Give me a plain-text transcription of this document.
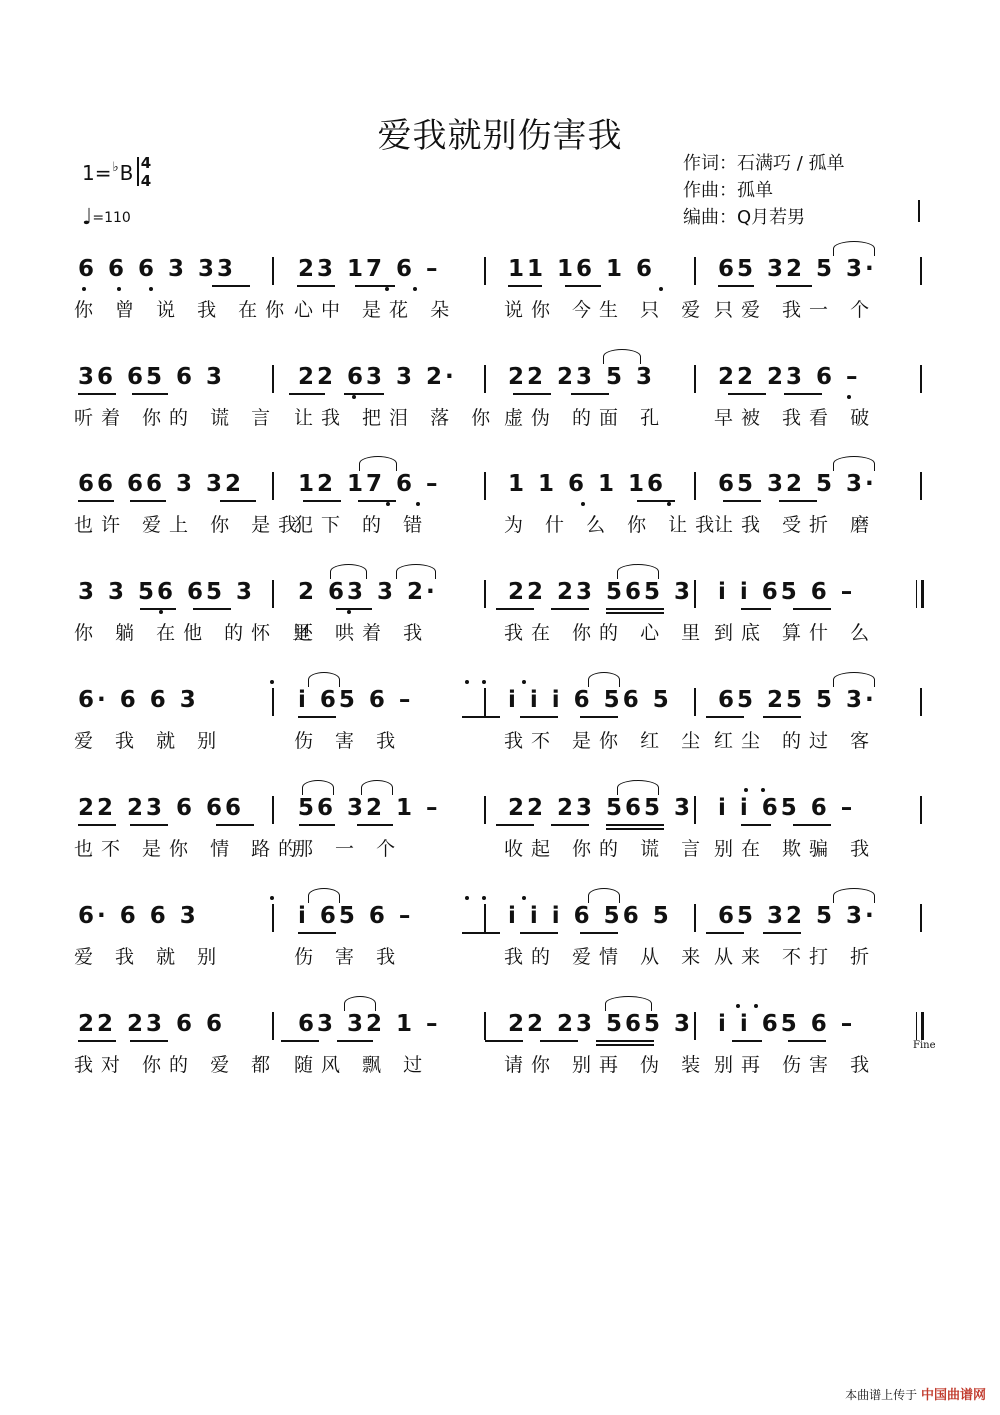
爱我就别伤害我
1=♭B 4
4
♩=110
作词：石满巧 / 孤单
作曲：孤单
编曲：Q月若男
6 6 6 3 33
你 曾 说 我 在你
23 17 6 –
心中 是花 朵
11 16 1 6
说你 今生 只 爱
65 32 5 3·
只爱 我一 个
36 65 6 3
听着 你的 谎 言
22 63 3 2·
让我 把泪 落 你
22 23 5 3
虚伪 的面 孔
22 23 6 –
早被 我看 破
66 66 3 32
也许 爱上 你 是我
12 17 6 –
犯下 的 错
1 1 6 1 16
为 什 么 你 让我
65 32 5 3·
让我 受折 磨
3 3 56 65 3
你 躺 在他 的怀 里
2 63 3 2·
还 哄着 我
22 23 565 3
我在 你的 心 里
i i 65 6 –
到底 算什 么
6· 6 6 3
爱 我 就 别
i 65 6 –
伤 害 我
i i i 6 56 5
我不 是你 红 尘
65 25 5 3·
红尘 的过 客
22 23 6 66
也不 是你 情 路的
56 32 1 –
那 一 个
22 23 565 3
收起 你的 谎 言
i i 65 6 –
别在 欺骗 我
6· 6 6 3
爱 我 就 别
i 65 6 –
伤 害 我
i i i 6 56 5
我的 爱情 从 来
65 32 5 3·
从来 不打 折
22 23 6 6
我对 你的 爱 都
63 32 1 –
随风 飘 过
22 23 565 3
请你 别再 伪 装
i i 65 6 –
别再 伤害 我
Fine
本曲谱上传于 中国曲谱网
